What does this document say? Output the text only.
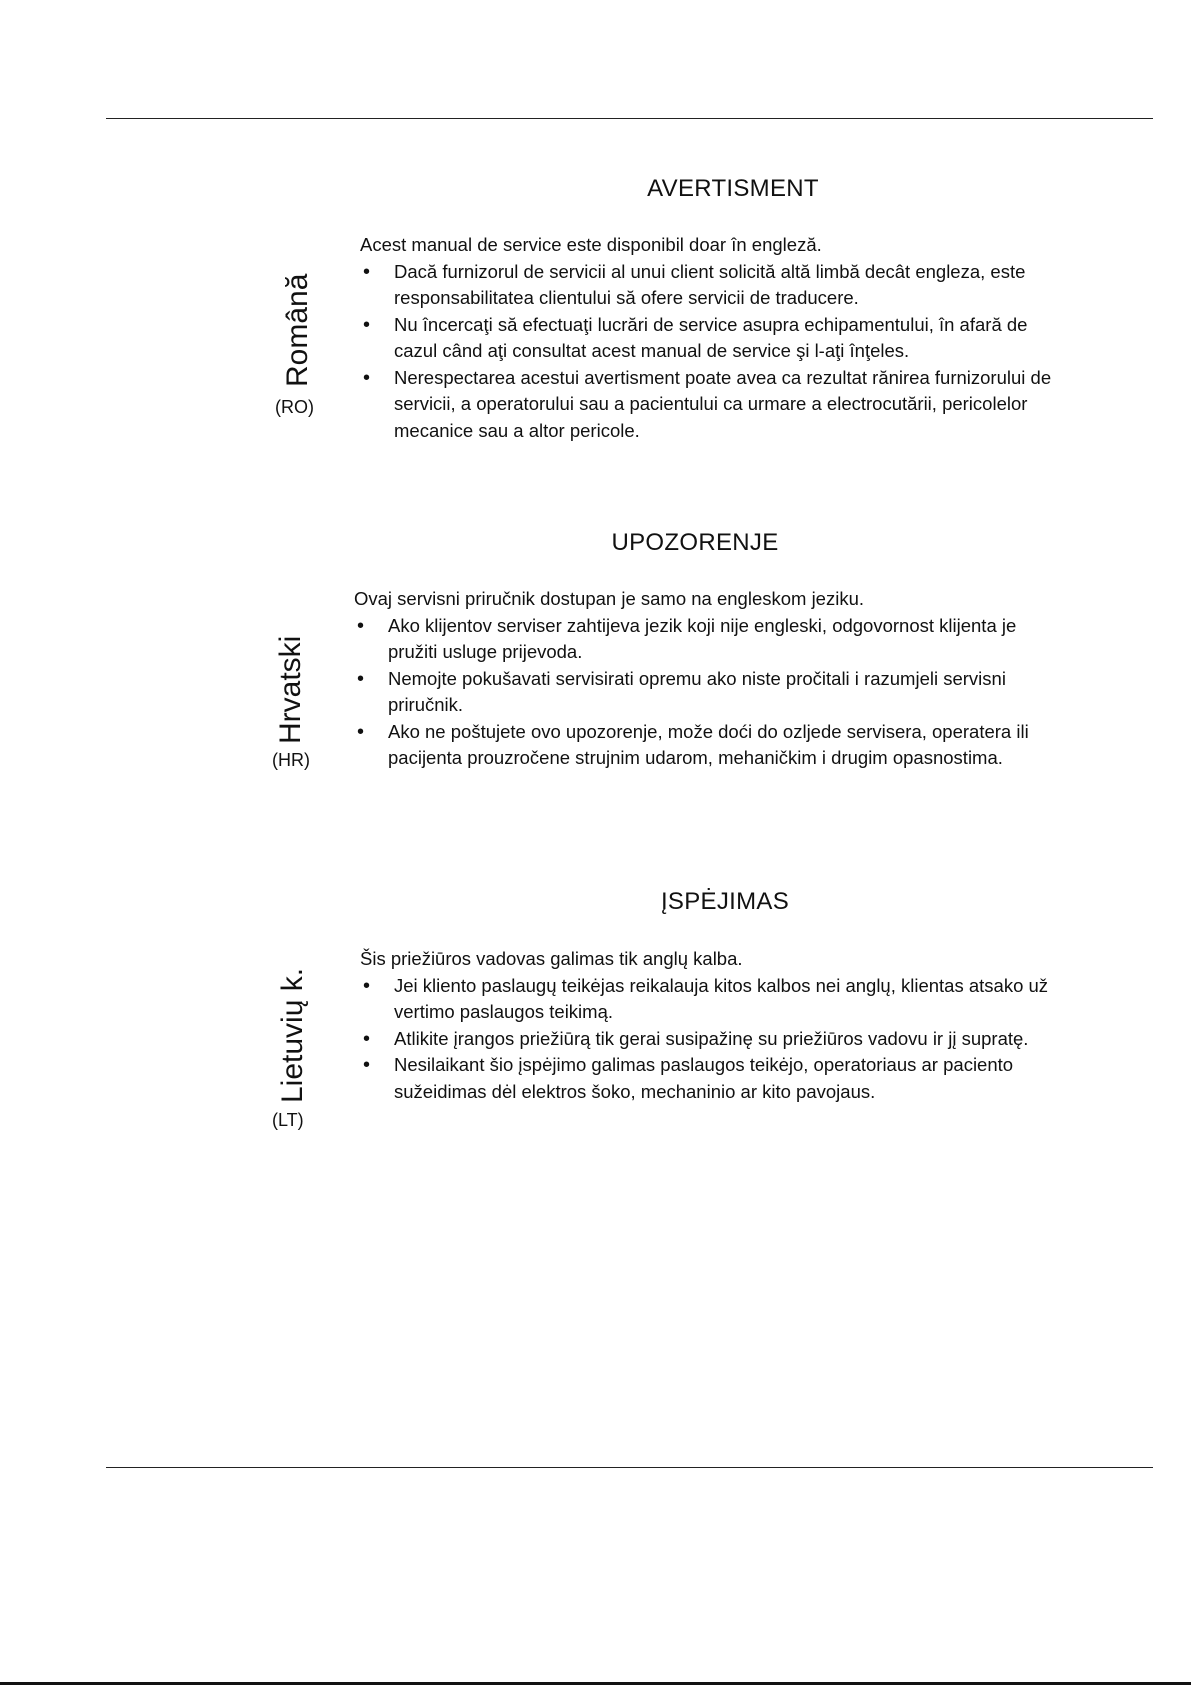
AVERTISMENT
Română
(RO)

Acest manual de service este disponibil doar în engleză.

• Dacă furnizorul de servicii al unui client solicită altă limbă decât engleza, este responsabilitatea clientului să ofere servicii de traducere.
• Nu încercaţi să efectuaţi lucrări de service asupra echipamentului, în afară de cazul când aţi consultat acest manual de service şi l-aţi înţeles.
• Nerespectarea acestui avertisment poate avea ca rezultat rănirea furnizorului de servicii, a operatorului sau a pacientului ca urmare a electrocutării, pericolelor mecanice sau a altor pericole.
UPOZORENJE
Hrvatski
(HR)

Ovaj servisni priručnik dostupan je samo na engleskom jeziku.

• Ako klijentov serviser zahtijeva jezik koji nije engleski, odgovornost klijenta je pružiti usluge prijevoda.
• Nemojte pokušavati servisirati opremu ako niste pročitali i razumjeli servisni priručnik.
• Ako ne poštujete ovo upozorenje, može doći do ozljede servisera, operatera ili pacijenta prouzročene strujnim udarom, mehaničkim i drugim opasnostima.
ĮSPĖJIMAS
Lietuvių k.
(LT)

Šis priežiūros vadovas galimas tik anglų kalba.

• Jei kliento paslaugų teikėjas reikalauja kitos kalbos nei anglų, klientas atsako už vertimo paslaugos teikimą.
• Atlikite įrangos priežiūrą tik gerai susipažinę su priežiūros vadovu ir jį supratę.
• Nesilaikant šio įspėjimo galimas paslaugos teikėjo, operatoriaus ar paciento sužeidimas dėl elektros šoko, mechaninio ar kito pavojaus.
